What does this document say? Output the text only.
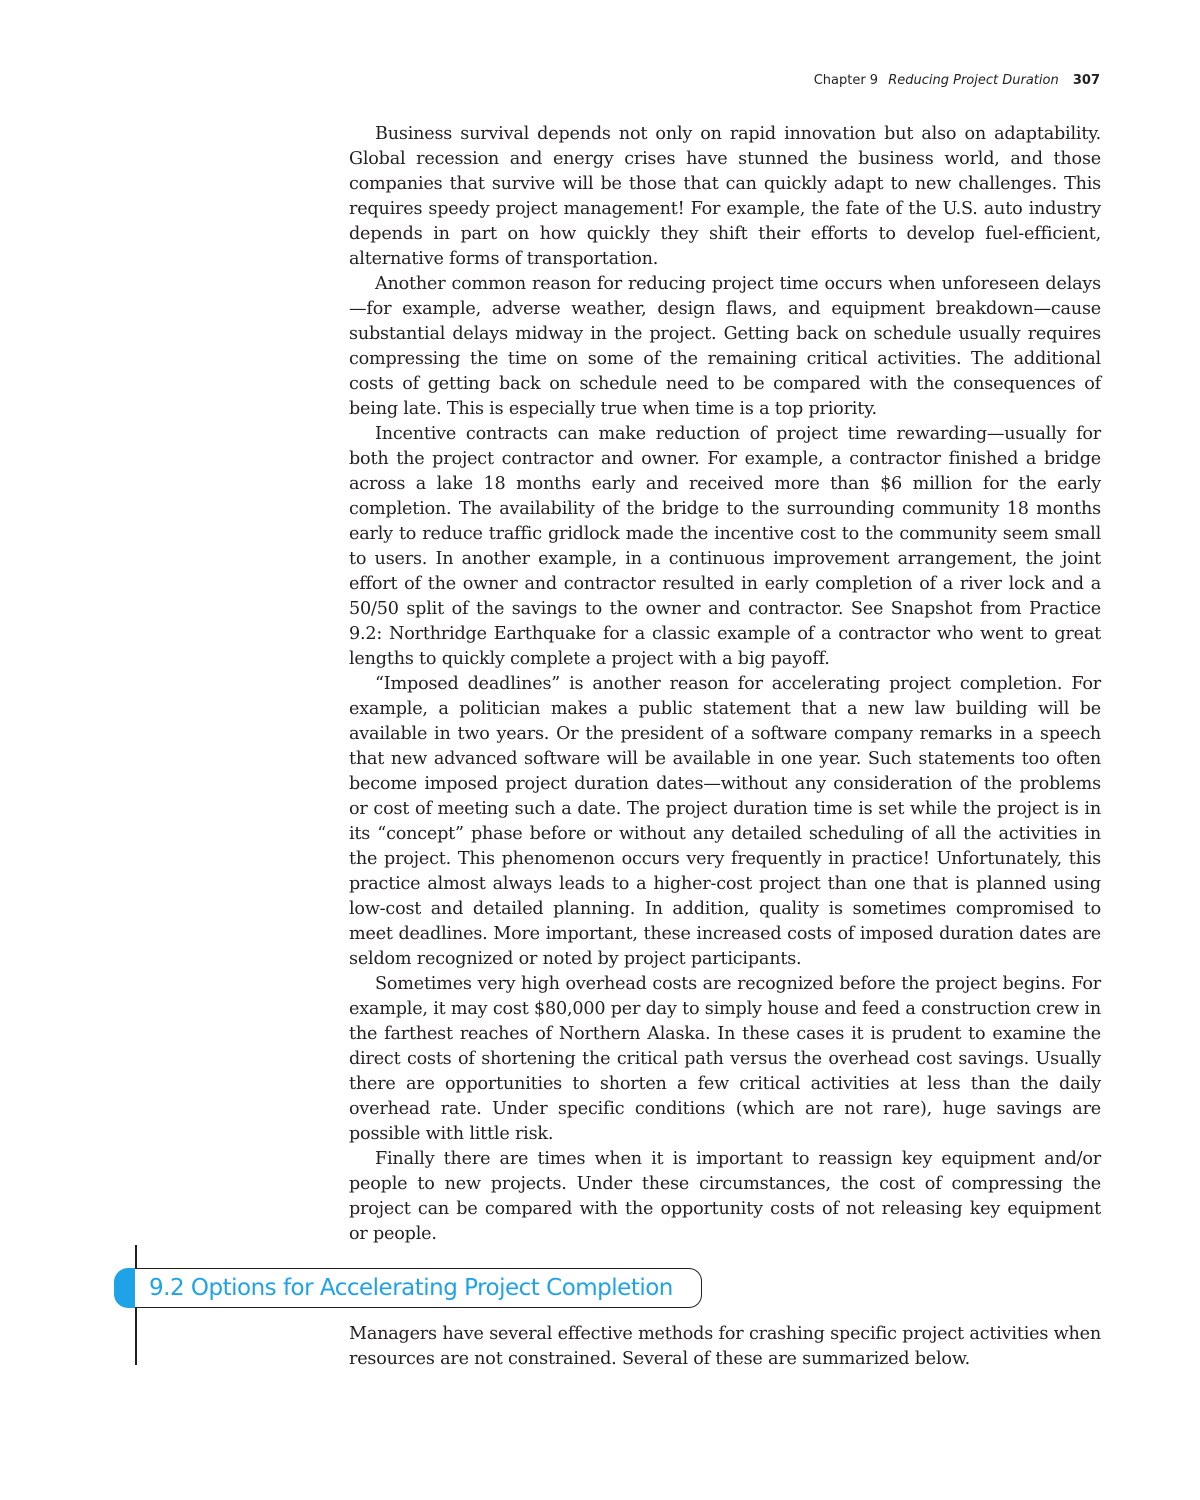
Chapter 9 Reducing Project Duration 307

Business survival depends not only on rapid innovation but also on adaptability. Global recession and energy crises have stunned the business world, and those companies that survive will be those that can quickly adapt to new challenges. This requires speedy project management! For example, the fate of the U.S. auto industry depends in part on how quickly they shift their efforts to develop fuel-efficient, alternative forms of transportation.

Another common reason for reducing project time occurs when unforeseen delays—for example, adverse weather, design flaws, and equipment breakdown—cause substantial delays midway in the project. Getting back on schedule usually requires compressing the time on some of the remaining critical activities. The additional costs of getting back on schedule need to be compared with the consequences of being late. This is especially true when time is a top priority.

Incentive contracts can make reduction of project time rewarding—usually for both the project contractor and owner. For example, a contractor finished a bridge across a lake 18 months early and received more than $6 million for the early completion. The availability of the bridge to the surrounding community 18 months early to reduce traffic gridlock made the incentive cost to the community seem small to users. In another example, in a continuous improvement arrangement, the joint effort of the owner and contractor resulted in early completion of a river lock and a 50/50 split of the savings to the owner and contractor. See Snapshot from Practice 9.2: Northridge Earthquake for a classic example of a contractor who went to great lengths to quickly complete a project with a big payoff.

“Imposed deadlines” is another reason for accelerating project completion. For example, a politician makes a public statement that a new law building will be available in two years. Or the president of a software company remarks in a speech that new advanced software will be available in one year. Such statements too often become imposed project duration dates—without any consideration of the problems or cost of meeting such a date. The project duration time is set while the project is in its “concept” phase before or without any detailed scheduling of all the activities in the project. This phenomenon occurs very frequently in practice! Unfortunately, this practice almost always leads to a higher-cost project than one that is planned using low-cost and detailed planning. In addition, quality is sometimes compromised to meet deadlines. More important, these increased costs of imposed duration dates are seldom recognized or noted by project participants.

Sometimes very high overhead costs are recognized before the project begins. For example, it may cost $80,000 per day to simply house and feed a construction crew in the farthest reaches of Northern Alaska. In these cases it is prudent to examine the direct costs of shortening the critical path versus the overhead cost savings. Usually there are opportunities to shorten a few critical activities at less than the daily overhead rate. Under specific conditions (which are not rare), huge savings are possible with little risk.

Finally there are times when it is important to reassign key equipment and/or people to new projects. Under these circumstances, the cost of compressing the project can be compared with the opportunity costs of not releasing key equipment or people.

9.2 Options for Accelerating Project Completion

Managers have several effective methods for crashing specific project activities when resources are not constrained. Several of these are summarized below.
